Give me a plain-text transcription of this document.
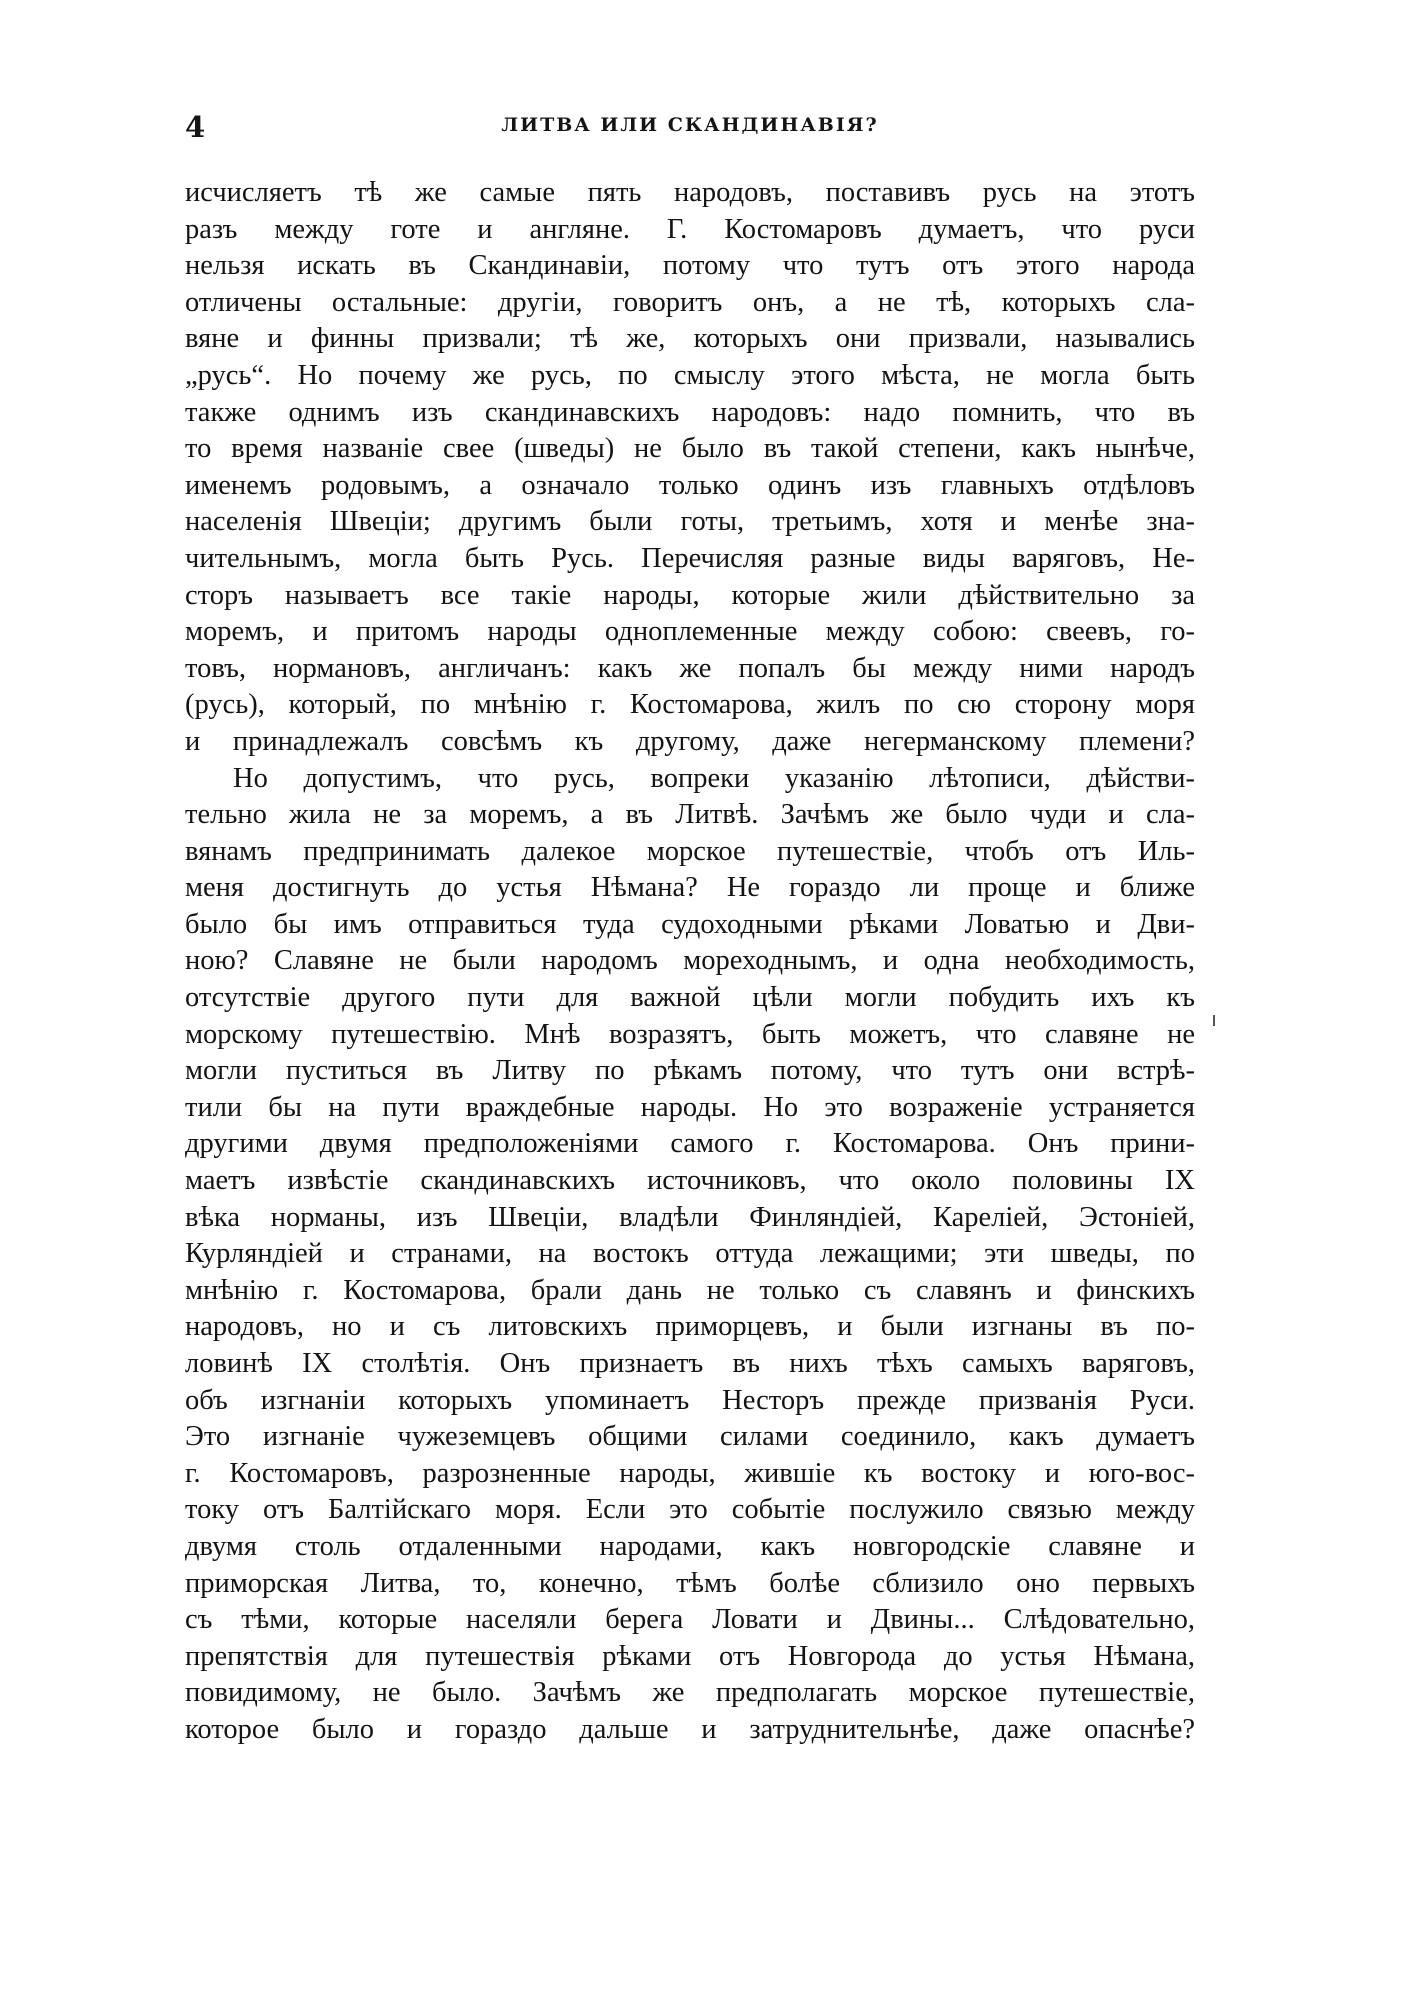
4	ЛИТВА ИЛИ СКАНДИНАВІЯ?
исчисляетъ тѣ же самые пять народовъ, поставивъ русь на этотъ
разъ между готе и англяне. Г. Костомаровъ думаетъ, что руси
нельзя искать въ Скандинавіи, потому что тутъ отъ этого народа
отличены остальные: другіи, говоритъ онъ, а не тѣ, которыхъ сла-
вяне и финны призвали; тѣ же, которыхъ они призвали, назывались
„русь“. Но почему же русь, по смыслу этого мѣста, не могла быть
также однимъ изъ скандинавскихъ народовъ: надо помнить, что въ
то время названіе свее (шведы) не было въ такой степени, какъ нынѣче,
именемъ родовымъ, а означало только одинъ изъ главныхъ отдѣловъ
населенія Швеціи; другимъ были готы, третьимъ, хотя и менѣе зна-
чительнымъ, могла быть Русь. Перечисляя разные виды варяговъ, Не-
сторъ называетъ все такіе народы, которые жили дѣйствительно за
моремъ, и притомъ народы одноплеменные между собою: свеевъ, го-
товъ, нормановъ, англичанъ: какъ же попалъ бы между ними народъ
(русь), который, по мнѣнію г. Костомарова, жилъ по сю сторону моря
и принадлежалъ совсѣмъ къ другому, даже негерманскому племени?
Но допустимъ, что русь, вопреки указанію лѣтописи, дѣйстви-
тельно жила не за моремъ, а въ Литвѣ. Зачѣмъ же было чуди и сла-
вянамъ предпринимать далекое морское путешествіе, чтобъ отъ Иль-
меня достигнуть до устья Нѣмана? Не гораздо ли проще и ближе
было бы имъ отправиться туда судоходными рѣками Ловатью и Дви-
ною? Славяне не были народомъ мореходнымъ, и одна необходимость,
отсутствіе другого пути для важной цѣли могли побудить ихъ къ
морскому путешествію. Мнѣ возразятъ, быть можетъ, что славяне не
могли пуститься въ Литву по рѣкамъ потому, что тутъ они встрѣ-
тили бы на пути враждебные народы. Но это возраженіе устраняется
другими двумя предположеніями самого г. Костомарова. Онъ прини-
маетъ извѣстіе скандинавскихъ источниковъ, что около половины IX
вѣка норманы, изъ Швеціи, владѣли Финляндіей, Кареліей, Эстоніей,
Курляндіей и странами, на востокъ оттуда лежащими; эти шведы, по
мнѣнію г. Костомарова, брали дань не только съ славянъ и финскихъ
народовъ, но и съ литовскихъ приморцевъ, и были изгнаны въ по-
ловинѣ IX столѣтія. Онъ признаетъ въ нихъ тѣхъ самыхъ варяговъ,
объ изгнаніи которыхъ упоминаетъ Несторъ прежде призванія Руси.
Это изгнаніе чужеземцевъ общими силами соединило, какъ думаетъ
г. Костомаровъ, разрозненные народы, жившіе къ востоку и юго-вос-
току отъ Балтійскаго моря. Если это событіе послужило связью между
двумя столь отдаленными народами, какъ новгородскіе славяне и
приморская Литва, то, конечно, тѣмъ болѣе сблизило оно первыхъ
съ тѣми, которые населяли берега Ловати и Двины... Слѣдовательно,
препятствія для путешествія рѣками отъ Новгорода до устья Нѣмана,
повидимому, не было. Зачѣмъ же предполагать морское путешествіе,
которое было и гораздо дальше и затруднительнѣе, даже опаснѣе?
